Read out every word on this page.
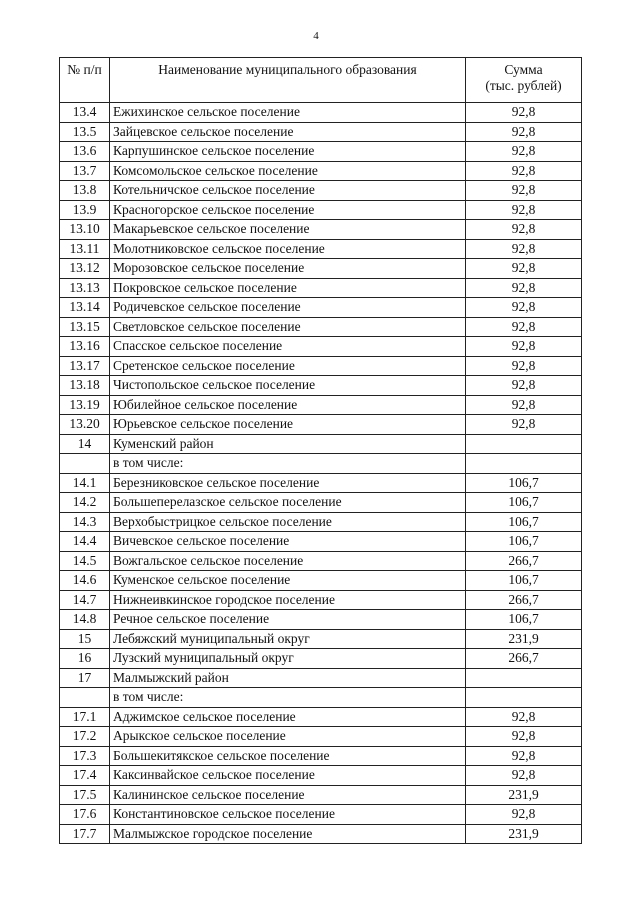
4
№ п/п	Наименование муниципального образования	Сумма
(тыс. рублей)
13.4	Ежихинское сельское поселение	92,8
13.5	Зайцевское сельское поселение	92,8
13.6	Карпушинское сельское поселение	92,8
13.7	Комсомольское сельское поселение	92,8
13.8	Котельничское сельское поселение	92,8
13.9	Красногорское сельское поселение	92,8
13.10	Макарьевское сельское поселение	92,8
13.11	Молотниковское сельское поселение	92,8
13.12	Морозовское сельское поселение	92,8
13.13	Покровское сельское поселение	92,8
13.14	Родичевское сельское поселение	92,8
13.15	Светловское сельское поселение	92,8
13.16	Спасское сельское поселение	92,8
13.17	Сретенское сельское поселение	92,8
13.18	Чистопольское сельское поселение	92,8
13.19	Юбилейное сельское поселение	92,8
13.20	Юрьевское сельское поселение	92,8
14	Куменский район	
	в том числе:	
14.1	Березниковское сельское поселение	106,7
14.2	Большеперелазское сельское поселение	106,7
14.3	Верхобыстрицкое сельское поселение	106,7
14.4	Вичевское сельское поселение	106,7
14.5	Вожгальское сельское поселение	266,7
14.6	Куменское сельское поселение	106,7
14.7	Нижнеивкинское городское поселение	266,7
14.8	Речное сельское поселение	106,7
15	Лебяжский муниципальный округ	231,9
16	Лузский муниципальный округ	266,7
17	Малмыжский район	
	в том числе:	
17.1	Аджимское сельское поселение	92,8
17.2	Арыкское сельское поселение	92,8
17.3	Большекитякское сельское поселение	92,8
17.4	Каксинвайское сельское поселение	92,8
17.5	Калининское сельское поселение	231,9
17.6	Константиновское сельское поселение	92,8
17.7	Малмыжское городское поселение	231,9
